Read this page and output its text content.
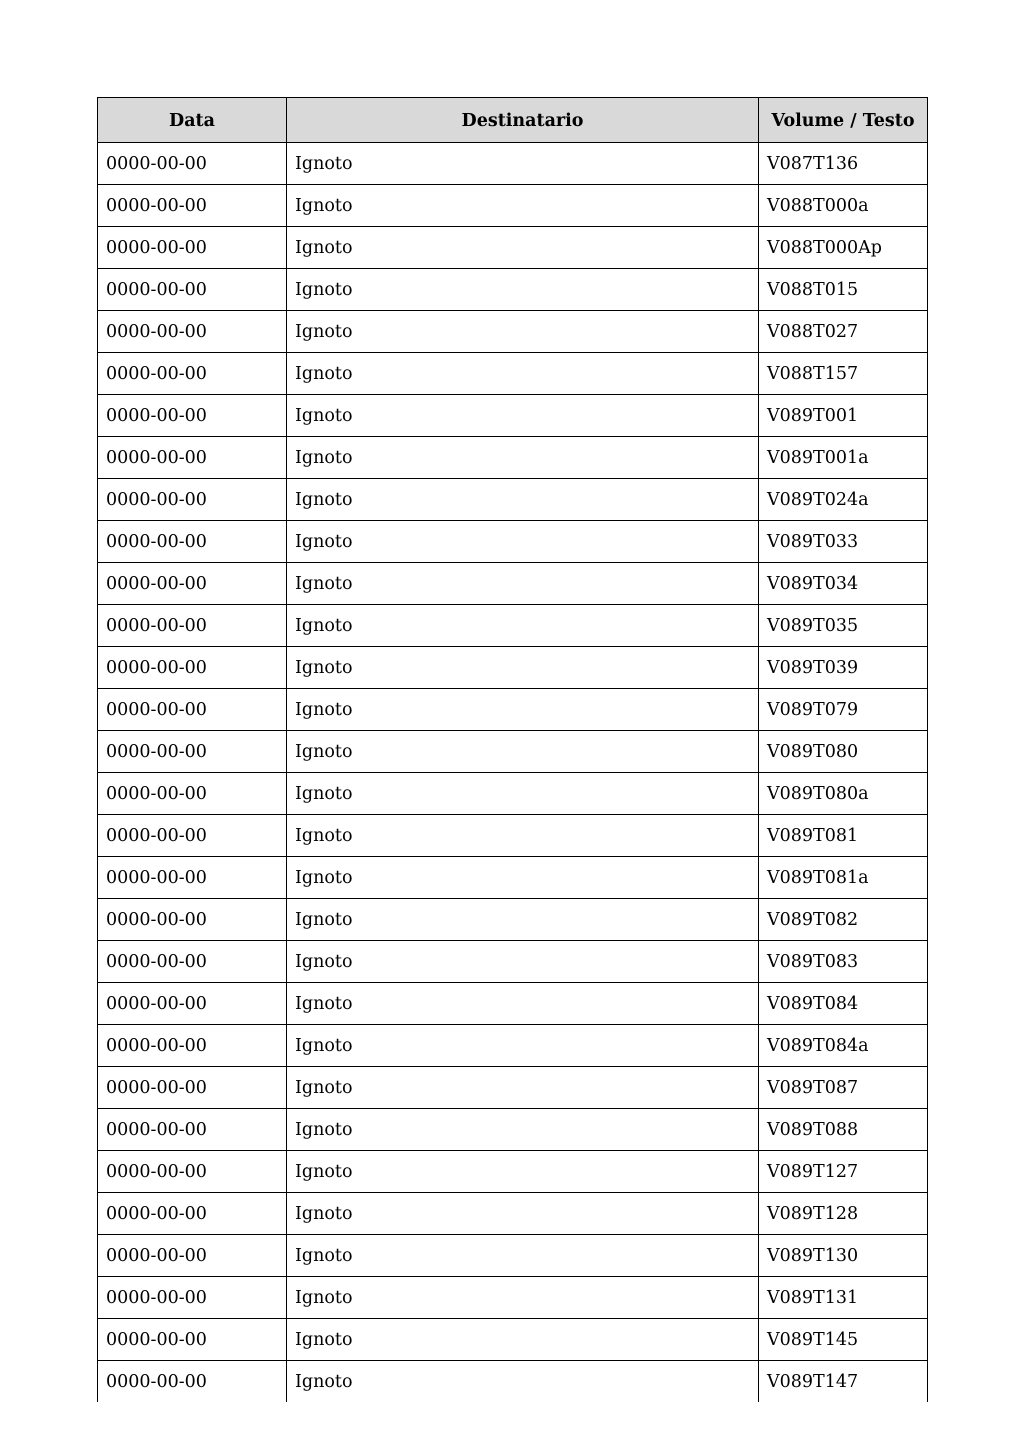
Data	Destinatario	Volume / Testo
0000-00-00	Ignoto	V087T136
0000-00-00	Ignoto	V088T000a
0000-00-00	Ignoto	V088T000Ap
0000-00-00	Ignoto	V088T015
0000-00-00	Ignoto	V088T027
0000-00-00	Ignoto	V088T157
0000-00-00	Ignoto	V089T001
0000-00-00	Ignoto	V089T001a
0000-00-00	Ignoto	V089T024a
0000-00-00	Ignoto	V089T033
0000-00-00	Ignoto	V089T034
0000-00-00	Ignoto	V089T035
0000-00-00	Ignoto	V089T039
0000-00-00	Ignoto	V089T079
0000-00-00	Ignoto	V089T080
0000-00-00	Ignoto	V089T080a
0000-00-00	Ignoto	V089T081
0000-00-00	Ignoto	V089T081a
0000-00-00	Ignoto	V089T082
0000-00-00	Ignoto	V089T083
0000-00-00	Ignoto	V089T084
0000-00-00	Ignoto	V089T084a
0000-00-00	Ignoto	V089T087
0000-00-00	Ignoto	V089T088
0000-00-00	Ignoto	V089T127
0000-00-00	Ignoto	V089T128
0000-00-00	Ignoto	V089T130
0000-00-00	Ignoto	V089T131
0000-00-00	Ignoto	V089T145
0000-00-00	Ignoto	V089T147
